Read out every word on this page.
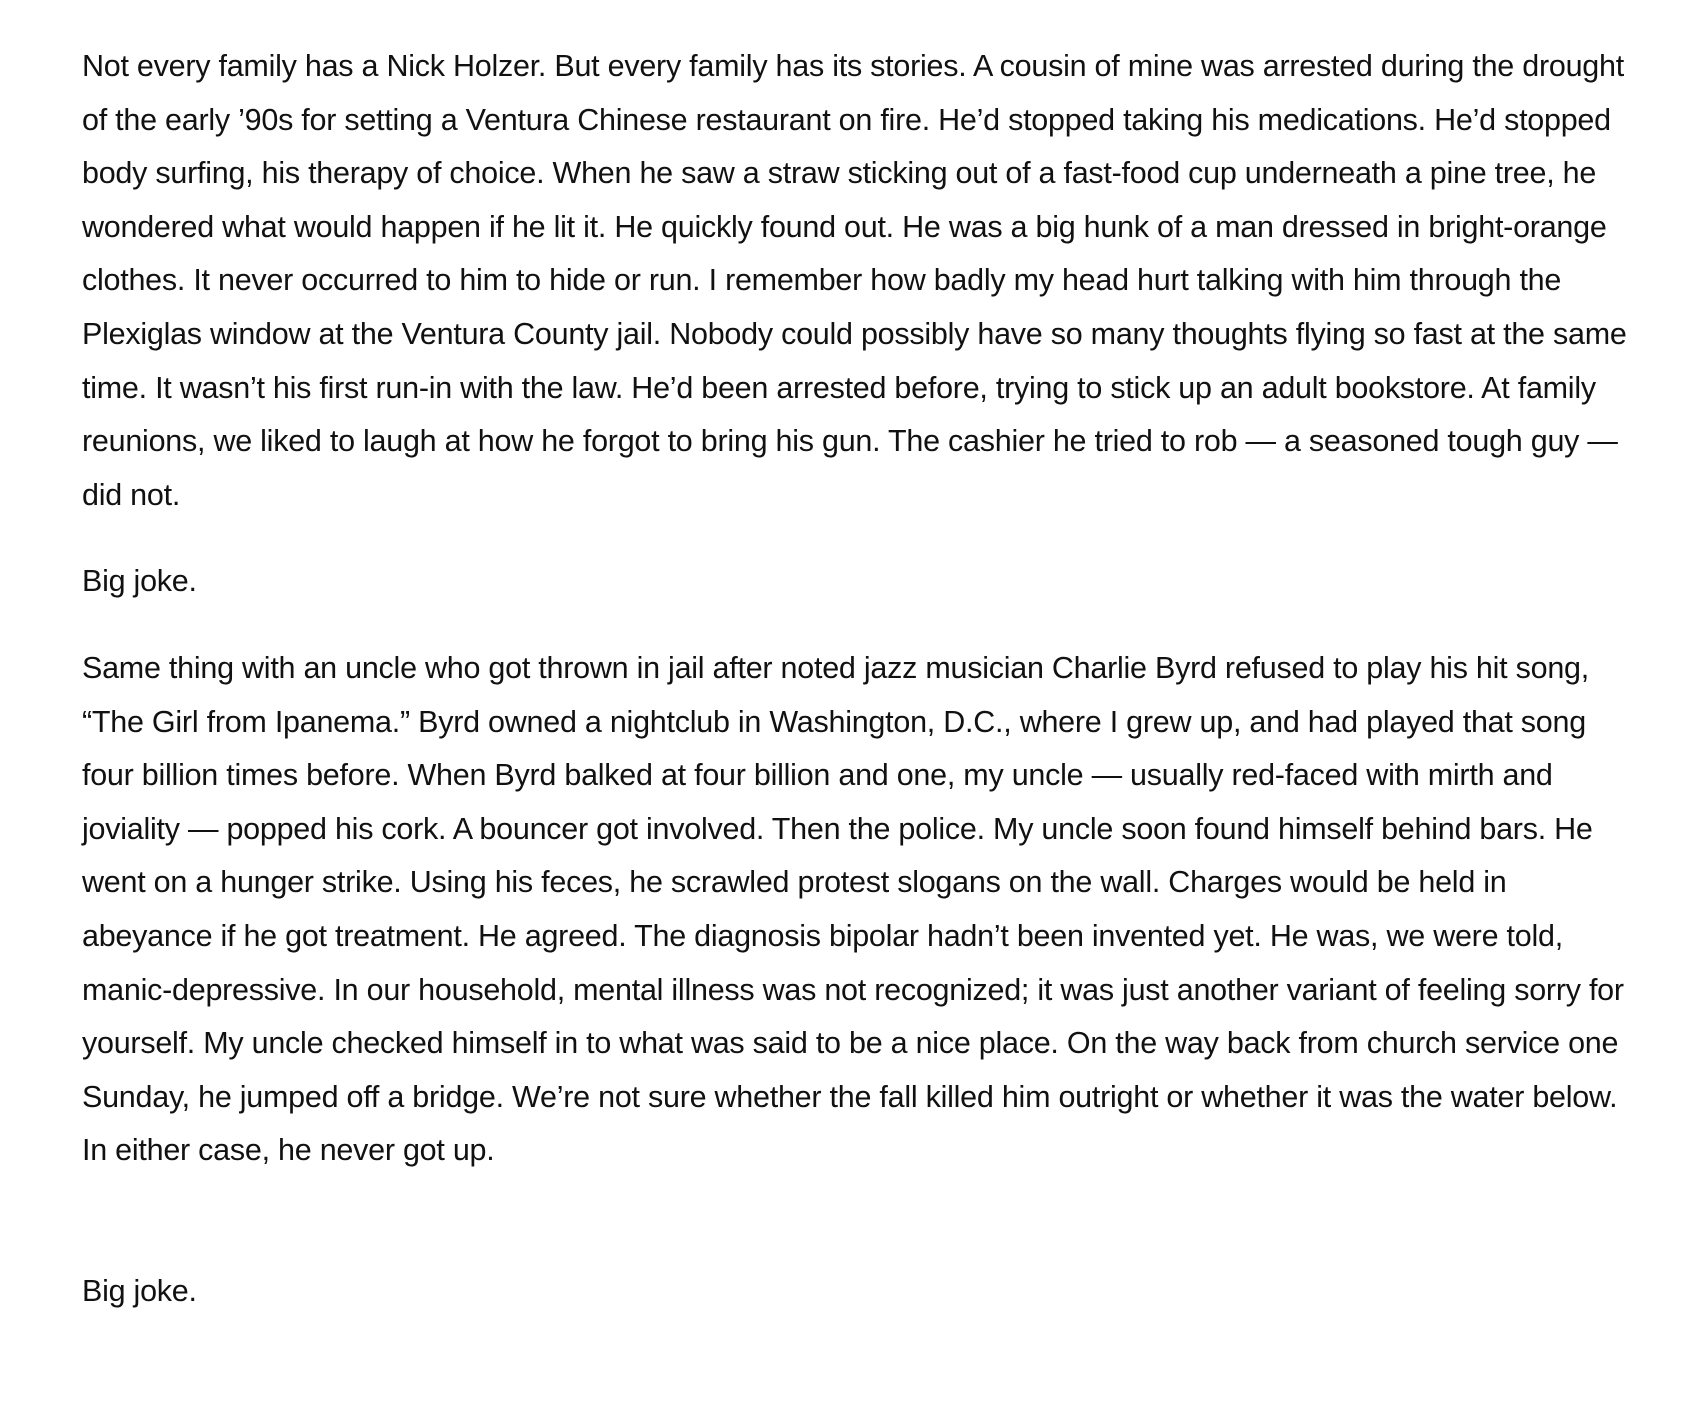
Not every family has a Nick Holzer. But every family has its stories. A cousin of mine was arrested during the drought of the early ’90s for setting a Ventura Chinese restaurant on fire. He’d stopped taking his medications. He’d stopped body surfing, his therapy of choice. When he saw a straw sticking out of a fast-food cup underneath a pine tree, he wondered what would happen if he lit it. He quickly found out. He was a big hunk of a man dressed in bright-orange clothes. It never occurred to him to hide or run. I remember how badly my head hurt talking with him through the Plexiglas window at the Ventura County jail. Nobody could possibly have so many thoughts flying so fast at the same time. It wasn’t his first run-in with the law. He’d been arrested before, trying to stick up an adult bookstore. At family reunions, we liked to laugh at how he forgot to bring his gun. The cashier he tried to rob — a seasoned tough guy — did not.

Big joke.

Same thing with an uncle who got thrown in jail after noted jazz musician Charlie Byrd refused to play his hit song, “The Girl from Ipanema.” Byrd owned a nightclub in Washington, D.C., where I grew up, and had played that song four billion times before. When Byrd balked at four billion and one, my uncle — usually red-faced with mirth and joviality — popped his cork. A bouncer got involved. Then the police. My uncle soon found himself behind bars. He went on a hunger strike. Using his feces, he scrawled protest slogans on the wall. Charges would be held in abeyance if he got treatment. He agreed. The diagnosis bipolar hadn’t been invented yet. He was, we were told, manic-depressive. In our household, mental illness was not recognized; it was just another variant of feeling sorry for yourself. My uncle checked himself in to what was said to be a nice place. On the way back from church service one Sunday, he jumped off a bridge. We’re not sure whether the fall killed him outright or whether it was the water below. In either case, he never got up.

Big joke.
